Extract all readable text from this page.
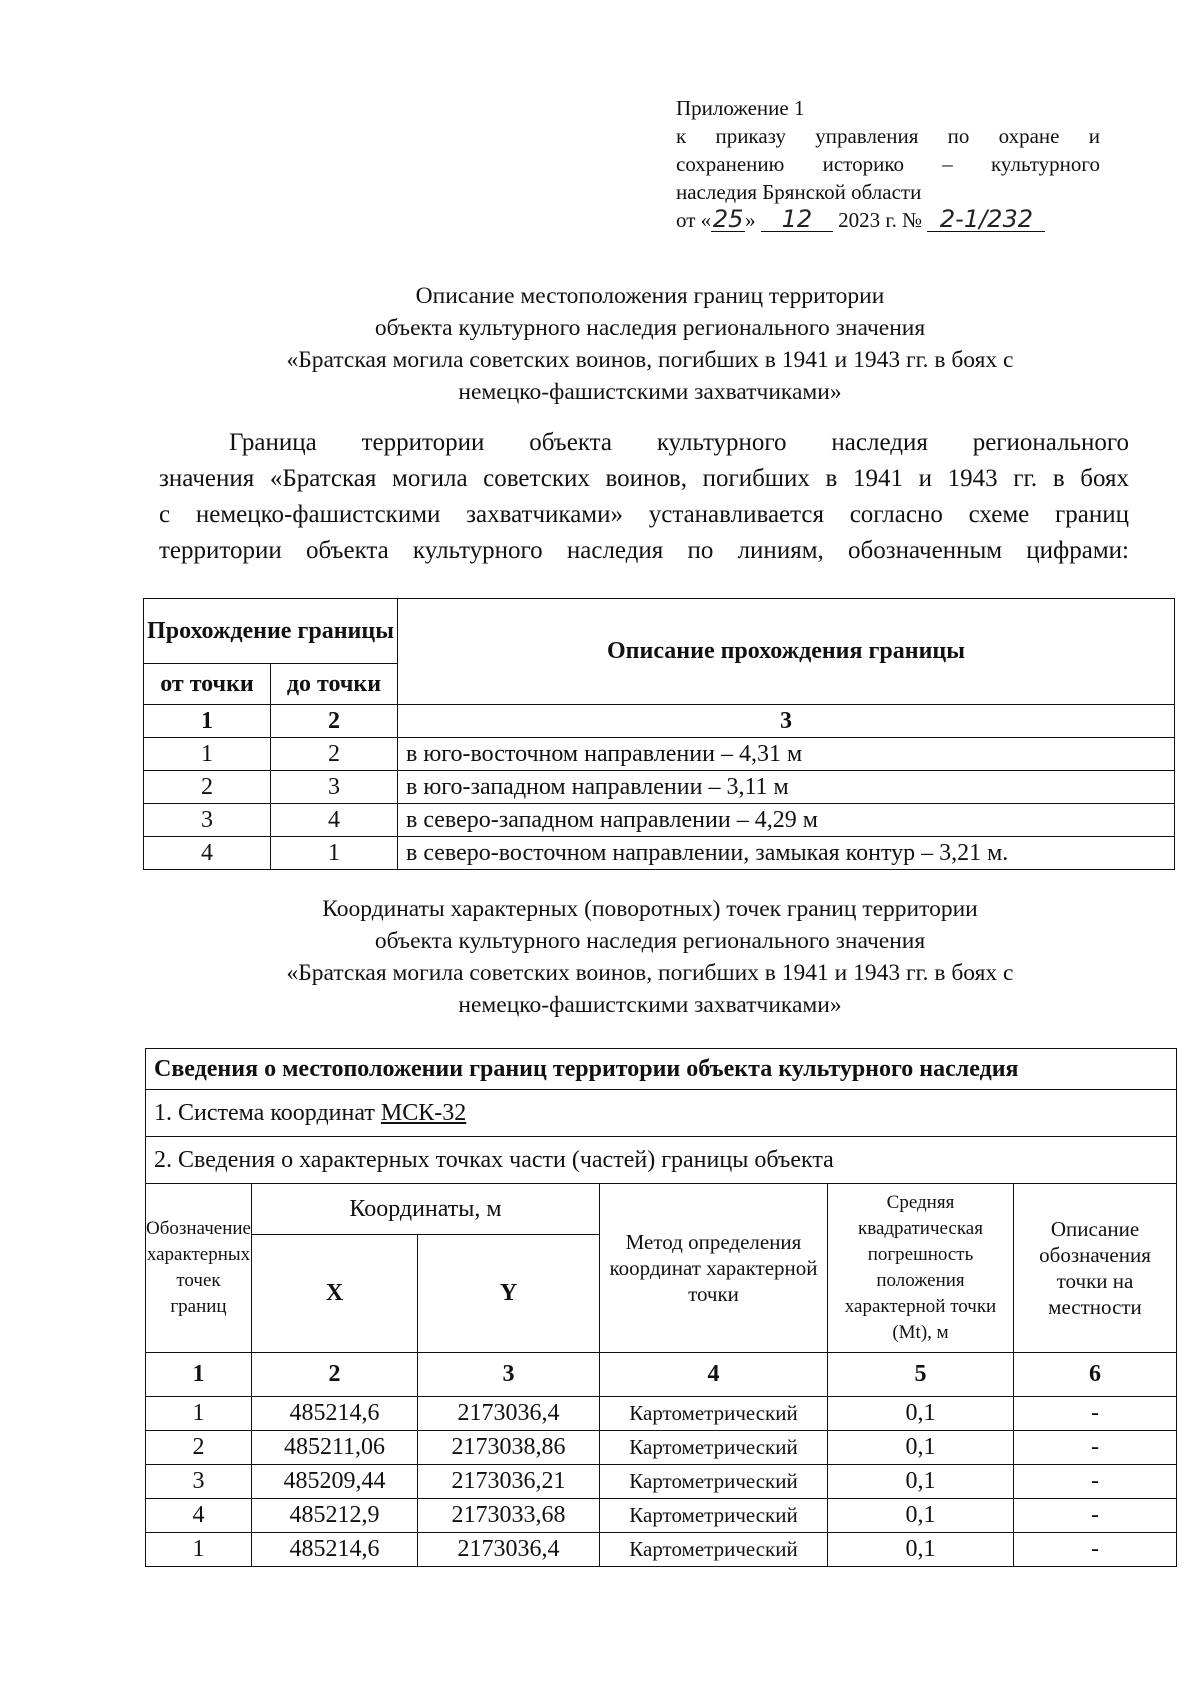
Приложение 1
к приказу управления по охране и
сохранению историко – культурного
наследия Брянской области
от «25» 12 2023 г. № 2-1/232
Описание местоположения границ территории
объекта культурного наследия регионального значения
«Братская могила советских воинов, погибших в 1941 и 1943 гг. в боях с
немецко-фашистскими захватчиками»
Граница территории объекта культурного наследия регионального
значения «Братская могила советских воинов, погибших в 1941 и 1943 гг. в боях
с немецко-фашистскими захватчиками» устанавливается согласно схеме границ
территории объекта культурного наследия по линиям, обозначенным цифрами:
Прохождение границы		Описание прохождения границы
от точки	до точки	
1	2	3
1	2	в юго-восточном направлении – 4,31 м
2	3	в юго-западном направлении – 3,11 м
3	4	в северо-западном направлении – 4,29 м
4	1	в северо-восточном направлении, замыкая контур – 3,21 м.
Координаты характерных (поворотных) точек границ территории
объекта культурного наследия регионального значения
«Братская могила советских воинов, погибших в 1941 и 1943 гг. в боях с
немецко-фашистскими захватчиками»
Сведения о местоположении границ территории объекта культурного наследия					
1. Система координат МСК-32					
2. Сведения о характерных точках части (частей) границы объекта					
Обозначение характерных точек границ	Координаты, м		Метод определения координат характерной точки	Средняя квадратическая погрешность положения характерной точки (Mt), м	Описание обозначения точки на местности
	X	Y			
1	2	3	4	5	6
1	485214,6	2173036,4	Картометрический	0,1	-
2	485211,06	2173038,86	Картометрический	0,1	-
3	485209,44	2173036,21	Картометрический	0,1	-
4	485212,9	2173033,68	Картометрический	0,1	-
1	485214,6	2173036,4	Картометрический	0,1	-
